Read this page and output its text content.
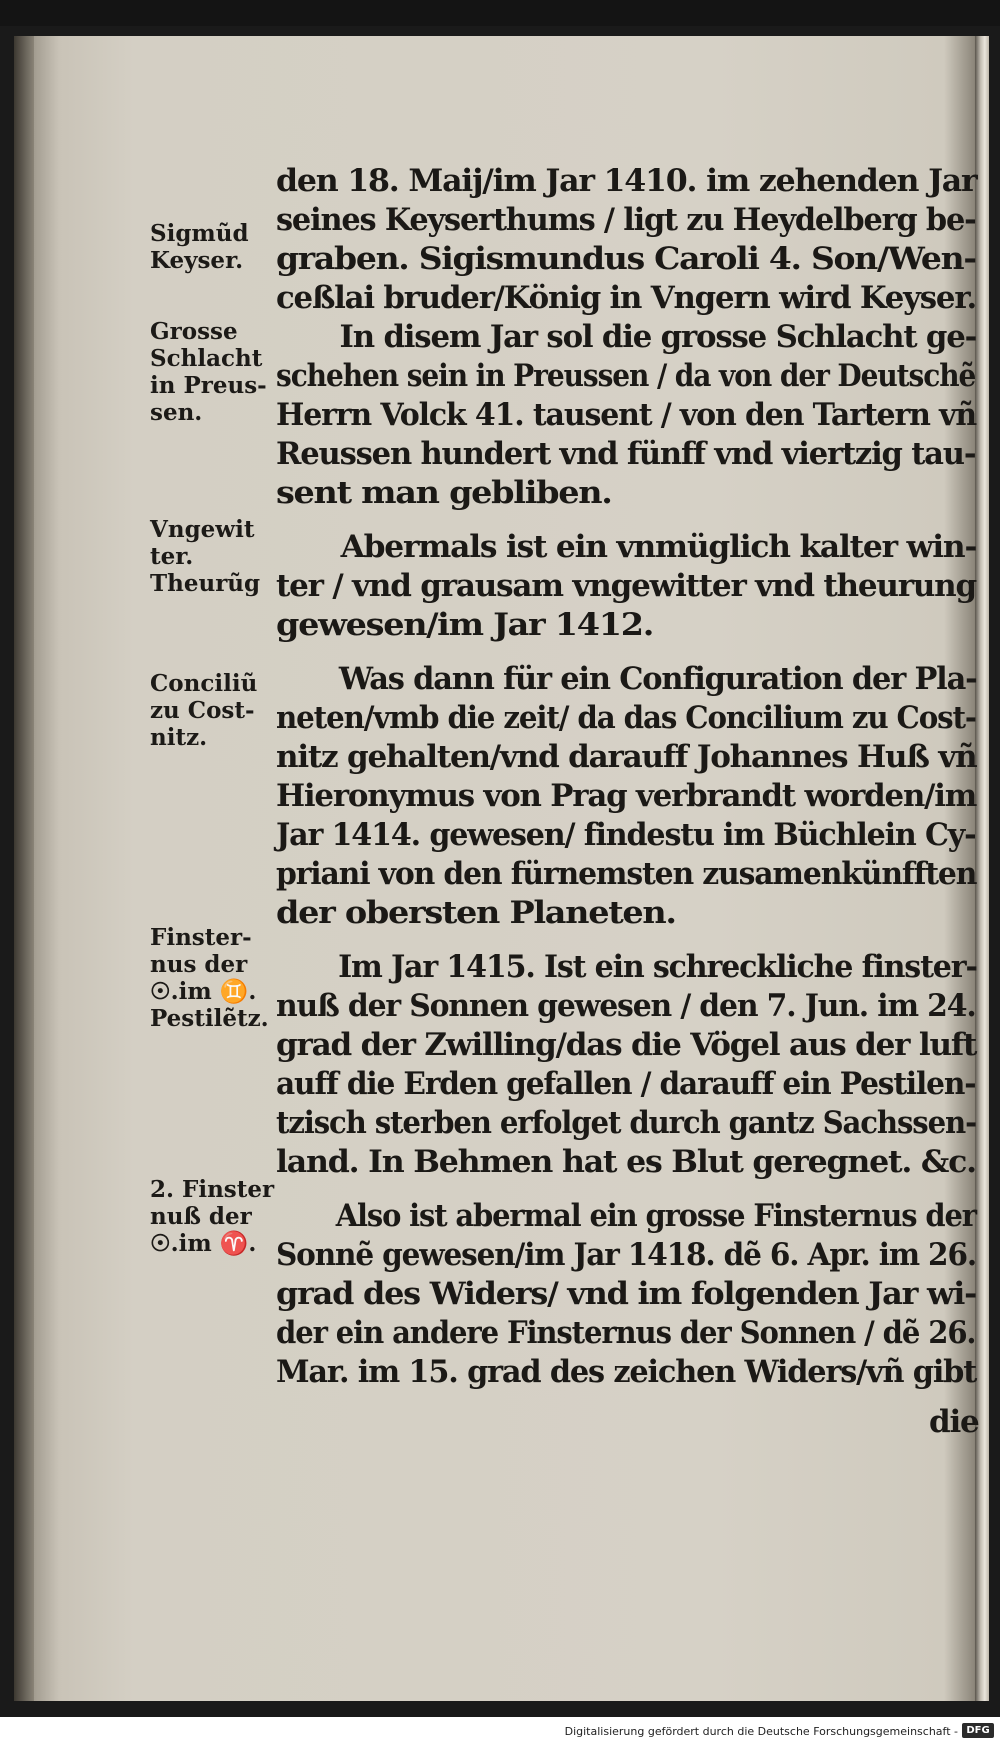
Sigmũd
Keyser.
Grosse
Schlacht
in Preus-
sen.
Vngewit
ter.
Theurũg
Conciliũ
zu Cost-
nitz.
Finster-
nus der
☉.im ♊.
Pestilẽtz.
2. Finster
nuß der
☉.im ♈.
den 18. Maij/im Jar 1410. im zehenden Jar
seines Keyserthums / ligt zu Heydelberg be-
graben. Sigismundus Caroli 4. Son/Wen-
ceßlai bruder/König in Vngern wird Keyser.
In disem Jar sol die grosse Schlacht ge-
schehen sein in Preussen / da von der Deutschẽ
Herrn Volck 41. tausent / von den Tartern vñ
Reussen hundert vnd fünff vnd viertzig tau-
sent man gebliben.
Abermals ist ein vnmüglich kalter win-
ter / vnd grausam vngewitter vnd theurung
gewesen/im Jar 1412.
Was dann für ein Configuration der Pla-
neten/vmb die zeit/ da das Concilium zu Cost-
nitz gehalten/vnd darauff Johannes Huß vñ
Hieronymus von Prag verbrandt worden/im
Jar 1414. gewesen/ findestu im Büchlein Cy-
priani von den fürnemsten zusamenkünfften
der obersten Planeten.
Im Jar 1415. Ist ein schreckliche finster-
nuß der Sonnen gewesen / den 7. Jun. im 24.
grad der Zwilling/das die Vögel aus der luft
auff die Erden gefallen / darauff ein Pestilen-
tzisch sterben erfolget durch gantz Sachssen-
land. In Behmen hat es Blut geregnet. &c.
Also ist abermal ein grosse Finsternus der
Sonnẽ gewesen/im Jar 1418. dẽ 6. Apr. im 26.
grad des Widers/ vnd im folgenden Jar wi-
der ein andere Finsternus der Sonnen / dẽ 26.
Mar. im 15. grad des zeichen Widers/vñ gibt
die
Digitalisierung gefördert durch die Deutsche Forschungsgemeinschaft - DFG
